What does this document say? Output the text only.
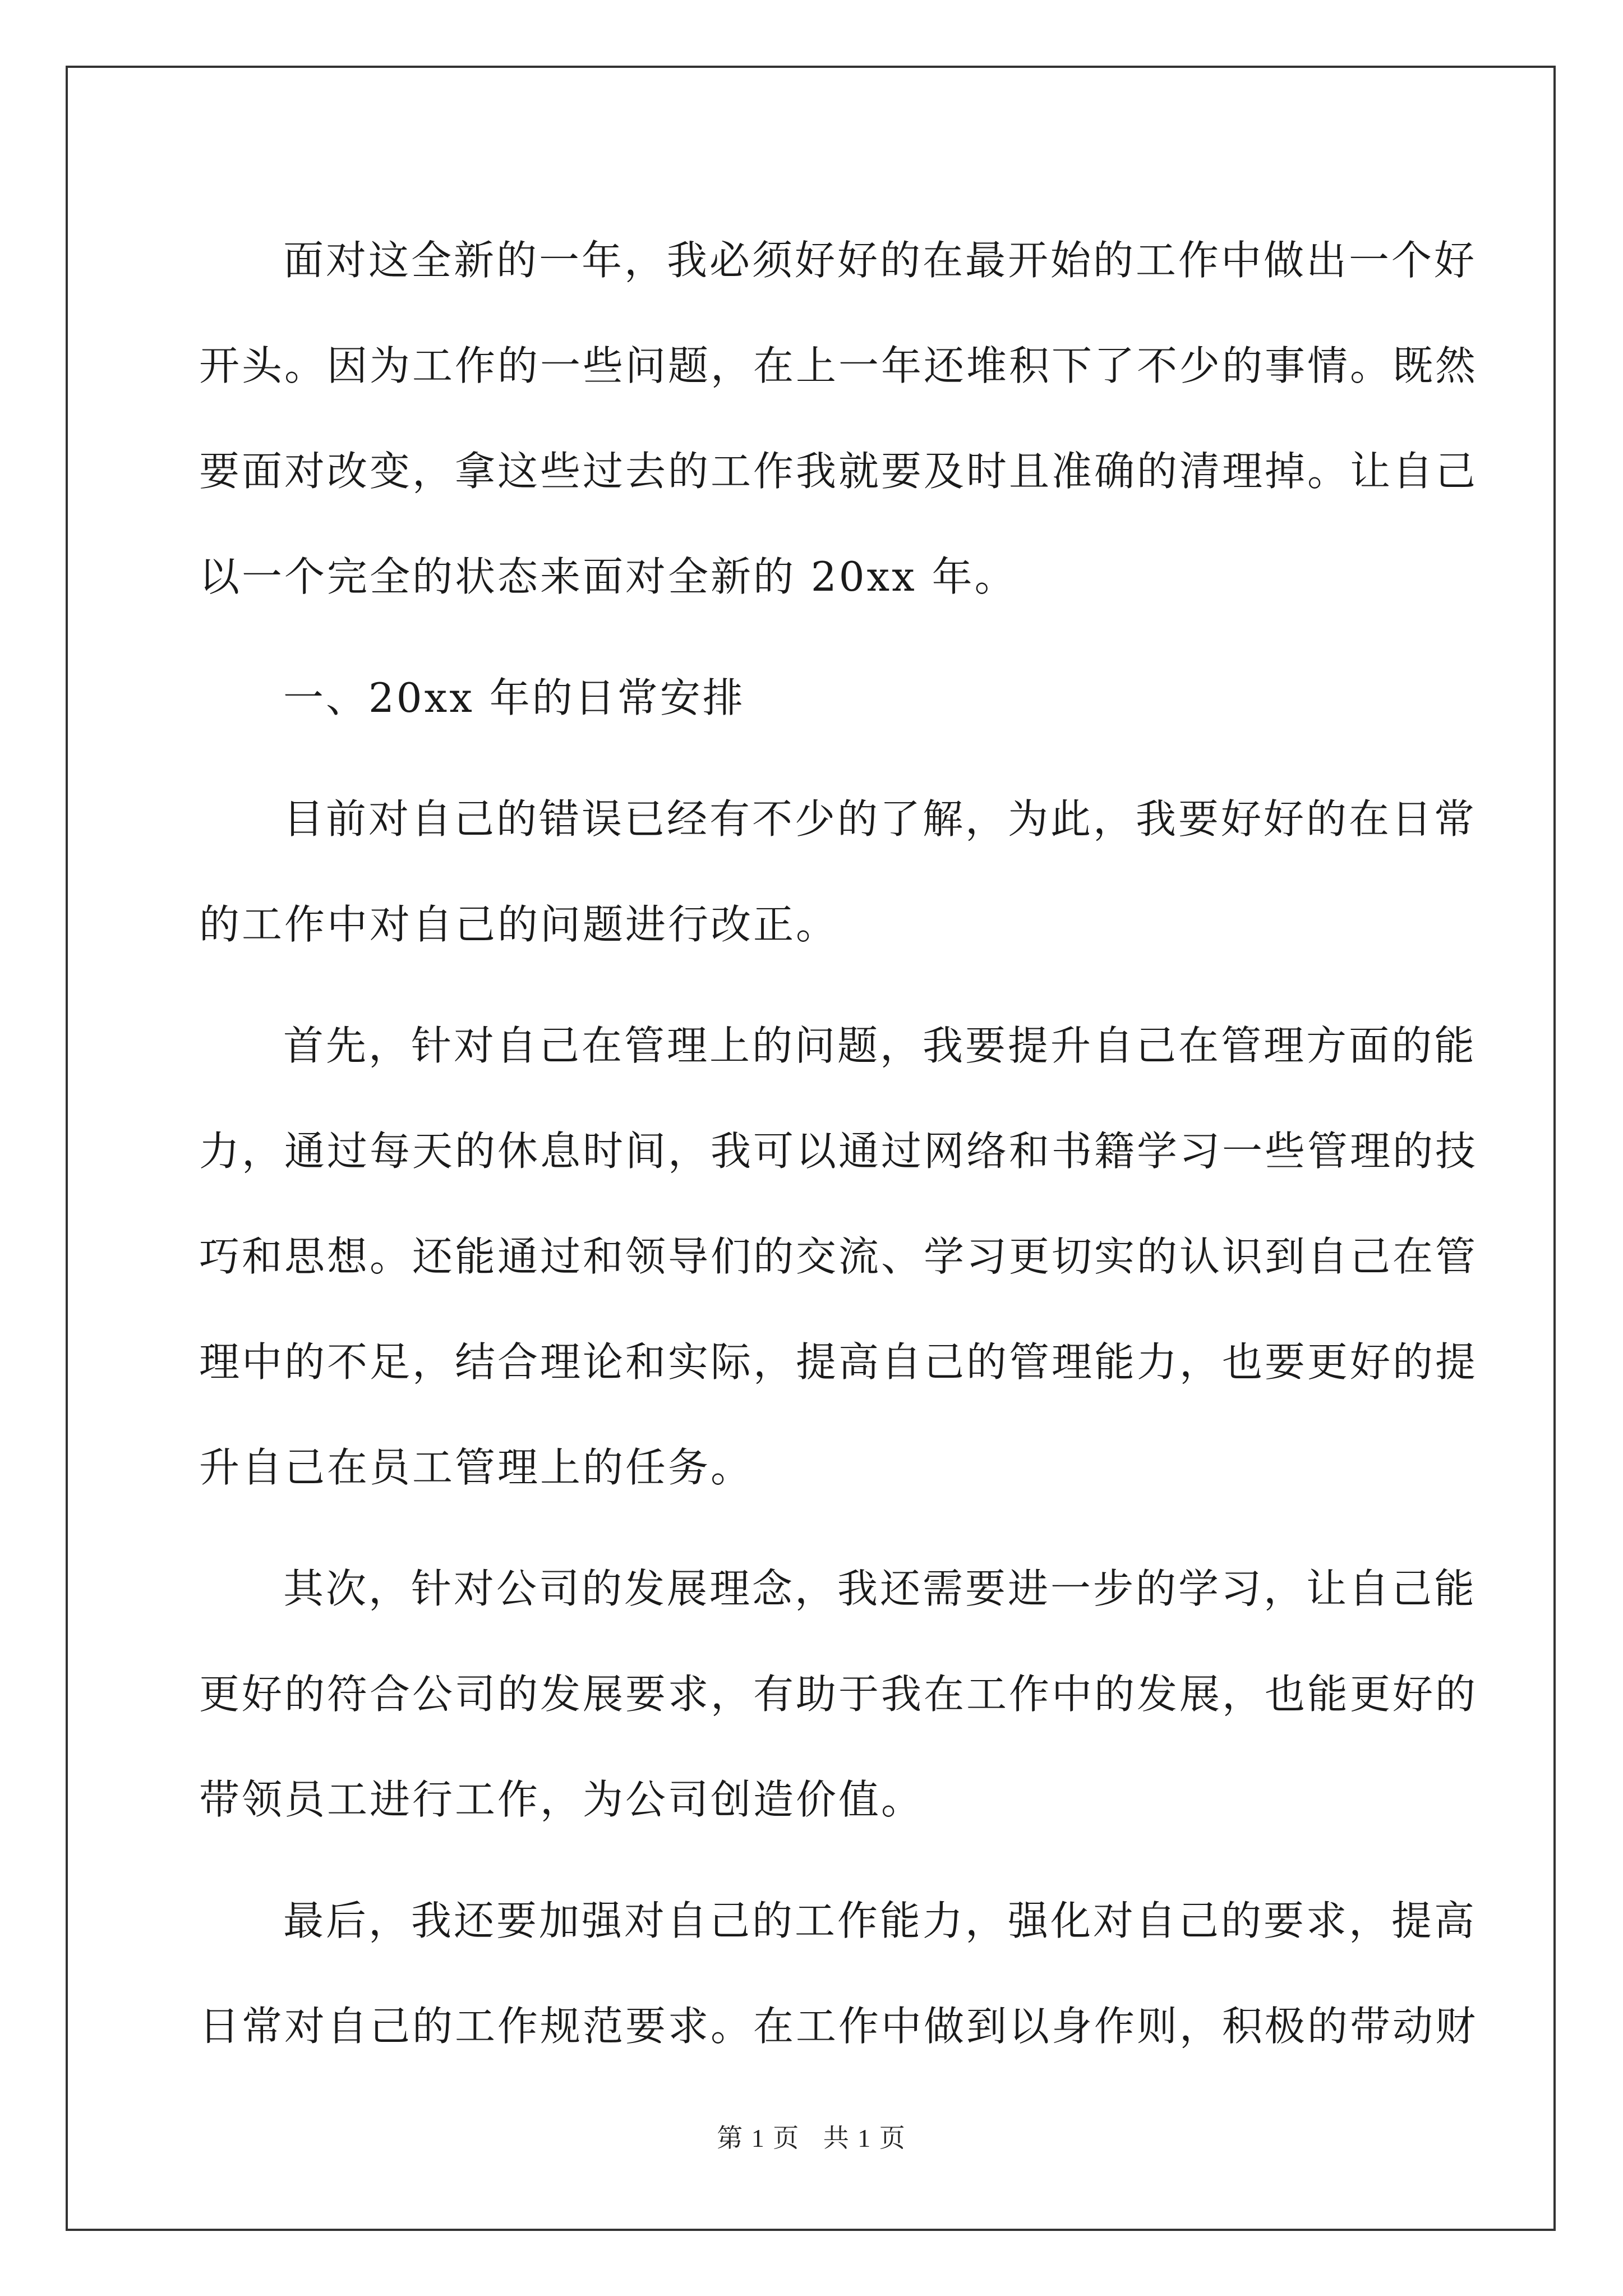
面对这全新的一年，我必须好好的在最开始的工作中做出一个好
开头。因为工作的一些问题，在上一年还堆积下了不少的事情。既然
要面对改变，拿这些过去的工作我就要及时且准确的清理掉。让自己
以一个完全的状态来面对全新的 20xx 年。

一、20xx 年的日常安排

目前对自己的错误已经有不少的了解，为此，我要好好的在日常
的工作中对自己的问题进行改正。

首先，针对自己在管理上的问题，我要提升自己在管理方面的能
力，通过每天的休息时间，我可以通过网络和书籍学习一些管理的技
巧和思想。还能通过和领导们的交流、学习更切实的认识到自己在管
理中的不足，结合理论和实际，提高自己的管理能力，也要更好的提
升自己在员工管理上的任务。

其次，针对公司的发展理念，我还需要进一步的学习，让自己能
更好的符合公司的发展要求，有助于我在工作中的发展，也能更好的
带领员工进行工作，为公司创造价值。

最后，我还要加强对自己的工作能力，强化对自己的要求，提高
日常对自己的工作规范要求。在工作中做到以身作则，积极的带动财

第 1 页 共 1 页
